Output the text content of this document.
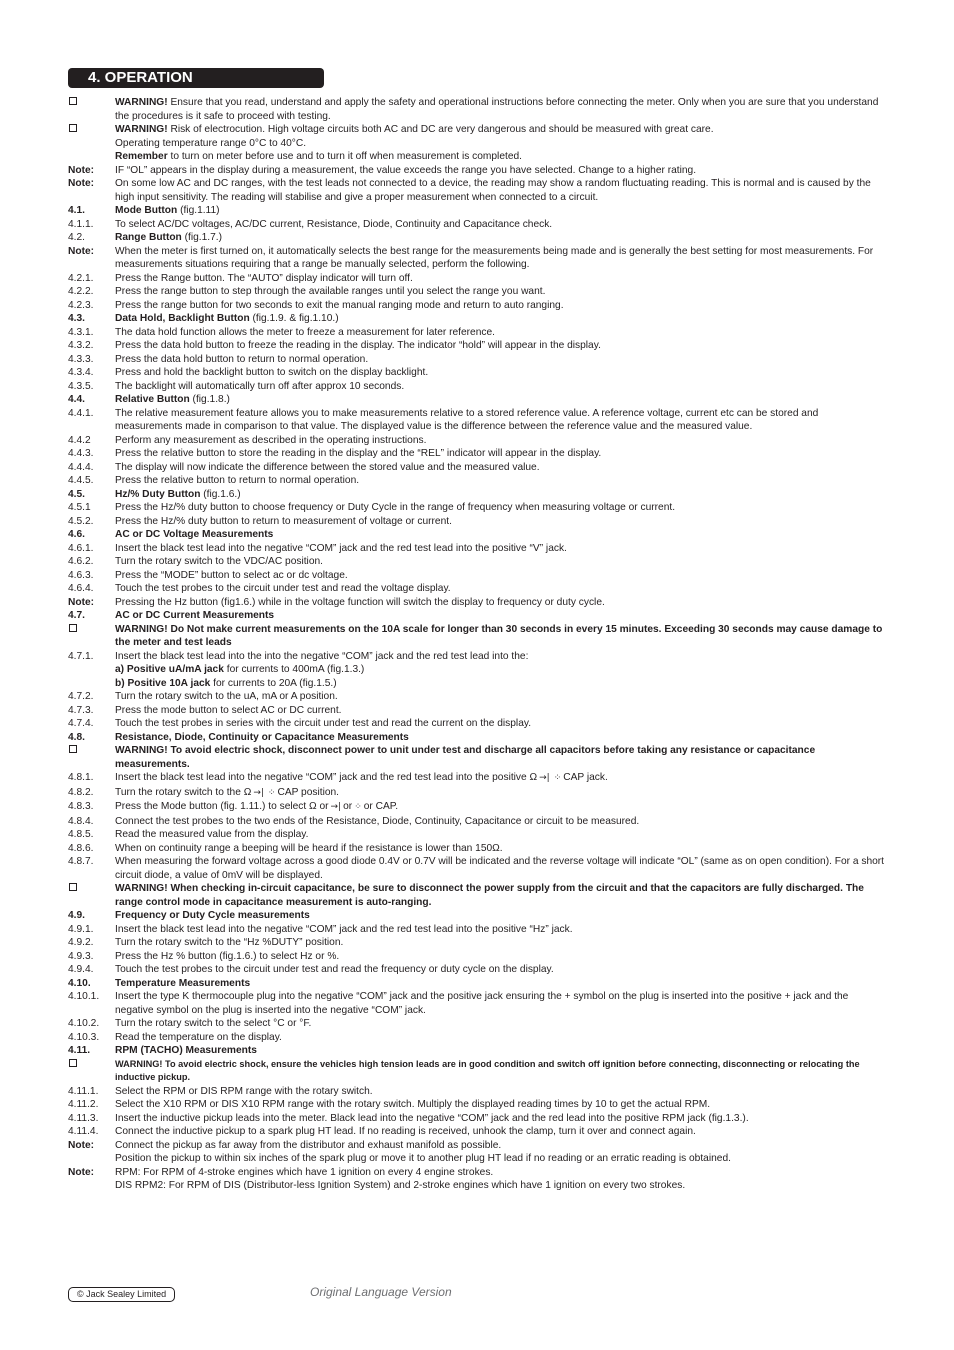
4. OPERATION
WARNING! Ensure that you read, understand and apply the safety and operational instructions before connecting the meter. Only when you are sure that you understand the procedures is it safe to proceed with testing.
WARNING! Risk of electrocution. High voltage circuits both AC and DC are very dangerous and should be measured with great care.
Operating temperature range 0°C to 40°C.
Remember to turn on meter before use and to turn it off when measurement is completed.
Note:	IF “OL” appears in the display during a measurement, the value exceeds the range you have selected. Change to a higher rating.
Note:	On some low AC and DC ranges, with the test leads not connected to a device, the reading may show a random fluctuating reading. This is normal and is caused by the high input sensitivity. The reading will stabilise and give a proper measurement when connected to a circuit.
4.1.	Mode Button (fig.1.11)
4.1.1.	To select AC/DC voltages, AC/DC current, Resistance, Diode, Continuity and Capacitance check.
4.2.	Range Button (fig.1.7.)
Note:	When the meter is first turned on, it automatically selects the best range for the measurements being made and is generally the best setting for most measurements. For measurements situations requiring that a range be manually selected, perform the following.
4.2.1.	Press the Range button. The “AUTO” display indicator will turn off.
4.2.2.	Press the range button to step through the available ranges until you select the range you want.
4.2.3.	Press the range button for two seconds to exit the manual ranging mode and return to auto ranging.
4.3.	Data Hold, Backlight Button (fig.1.9. & fig.1.10.)
4.3.1.	The data hold function allows the meter to freeze a measurement for later reference.
4.3.2.	Press the data hold button to freeze the reading in the display. The indicator “hold” will appear in the display.
4.3.3.	Press the data hold button to return to normal operation.
4.3.4.	Press and hold the backlight button to switch on the display backlight.
4.3.5.	The backlight will automatically turn off after approx 10 seconds.
4.4.	Relative Button (fig.1.8.)
4.4.1.	The relative measurement feature allows you to make measurements relative to a stored reference value. A reference voltage, current etc can be stored and measurements made in comparison to that value. The displayed value is the difference between the reference value and the measured value.
4.4.2	Perform any measurement as described in the operating instructions.
4.4.3.	Press the relative button to store the reading in the display and the “REL” indicator will appear in the display.
4.4.4.	The display will now indicate the difference between the stored value and the measured value.
4.4.5.	Press the relative button to return to normal operation.
4.5.	Hz/% Duty Button (fig.1.6.)
4.5.1	Press the Hz/% duty button to choose frequency or Duty Cycle in the range of frequency when measuring voltage or current.
4.5.2.	Press the Hz/% duty button to return to measurement of voltage or current.
4.6.	AC or DC Voltage Measurements
4.6.1.	Insert the black test lead into the negative “COM” jack and the red test lead into the positive “V” jack.
4.6.2.	Turn the rotary switch to the VDC/AC position.
4.6.3.	Press the “MODE” button to select ac or dc voltage.
4.6.4.	Touch the test probes to the circuit under test and read the voltage display.
Note:	Pressing the Hz button (fig1.6.) while in the voltage function will switch the display to frequency or duty cycle.
4.7.	AC or DC Current Measurements
WARNING! Do Not make current measurements on the 10A scale for longer than 30 seconds in every 15 minutes. Exceeding 30 seconds may cause damage to the meter and test leads
4.7.1.	Insert the black test lead into the into the negative “COM” jack and the red test lead into the:
a) Positive uA/mA jack for currents to 400mA (fig.1.3.)
b) Positive 10A jack for currents to 20A (fig.1.5.)
4.7.2.	Turn the rotary switch to the uA, mA or A position.
4.7.3.	Press the mode button to select AC or DC current.
4.7.4.	Touch the test probes in series with the circuit under test and read the current on the display.
4.8.	Resistance, Diode, Continuity or Capacitance Measurements
WARNING! To avoid electric shock, disconnect power to unit under test and discharge all capacitors before taking any resistance or capacitance measurements.
4.8.1.	Insert the black test lead into the negative “COM” jack and the red test lead into the positive Ω →| ⁘ CAP jack.
4.8.2.	Turn the rotary switch to the Ω →| ⁘ CAP position.
4.8.3.	Press the Mode button (fig. 1.11.) to select Ω or →| or ⁘ or CAP.
4.8.4.	Connect the test probes to the two ends of the Resistance, Diode, Continuity, Capacitance or circuit to be measured.
4.8.5.	Read the measured value from the display.
4.8.6.	When on continuity range a beeping will be heard if the resistance is lower than 150Ω.
4.8.7.	When measuring the forward voltage across a good diode 0.4V or 0.7V will be indicated and the reverse voltage will indicate “OL” (same as on open condition). For a short circuit diode, a value of 0mV will be displayed.
WARNING! When checking in-circuit capacitance, be sure to disconnect the power supply from the circuit and that the capacitors are fully discharged. The range control mode in capacitance measurement is auto-ranging.
4.9.	Frequency or Duty Cycle measurements
4.9.1.	Insert the black test lead into the negative “COM” jack and the red test lead into the positive “Hz” jack.
4.9.2.	Turn the rotary switch to the “Hz %DUTY” position.
4.9.3.	Press the Hz % button (fig.1.6.) to select Hz or %.
4.9.4.	Touch the test probes to the circuit under test and read the frequency or duty cycle on the display.
4.10.	Temperature Measurements
4.10.1.	Insert the type K thermocouple plug into the negative “COM” jack and the positive jack ensuring the + symbol on the plug is inserted into the positive + jack and the negative symbol on the plug is inserted into the negative “COM” jack.
4.10.2.	Turn the rotary switch to the select °C or °F.
4.10.3.	Read the temperature on the display.
4.11.	RPM (TACHO) Measurements
WARNING! To avoid electric shock, ensure the vehicles high tension leads are in good condition and switch off ignition before connecting, disconnecting or relocating the inductive pickup.
4.11.1.	Select the RPM or DIS RPM range with the rotary switch.
4.11.2.	Select the X10 RPM or DIS X10 RPM range with the rotary switch. Multiply the displayed reading times by 10 to get the actual RPM.
4.11.3.	Insert the inductive pickup leads into the meter. Black lead into the negative “COM” jack and the red lead into the positive RPM jack (fig.1.3.).
4.11.4.	Connect the inductive pickup to a spark plug HT lead. If no reading is received, unhook the clamp, turn it over and connect again.
Note:	Connect the pickup as far away from the distributor and exhaust manifold as possible.
Position the pickup to within six inches of the spark plug or move it to another plug HT lead if no reading or an erratic reading is obtained.
Note:	RPM: For RPM of 4-stroke engines which have 1 ignition on every 4 engine strokes.
DIS RPM2: For RPM of DIS (Distributor-less Ignition System) and 2-stroke engines which have 1 ignition on every two strokes.
© Jack Sealey Limited	Original Language Version
